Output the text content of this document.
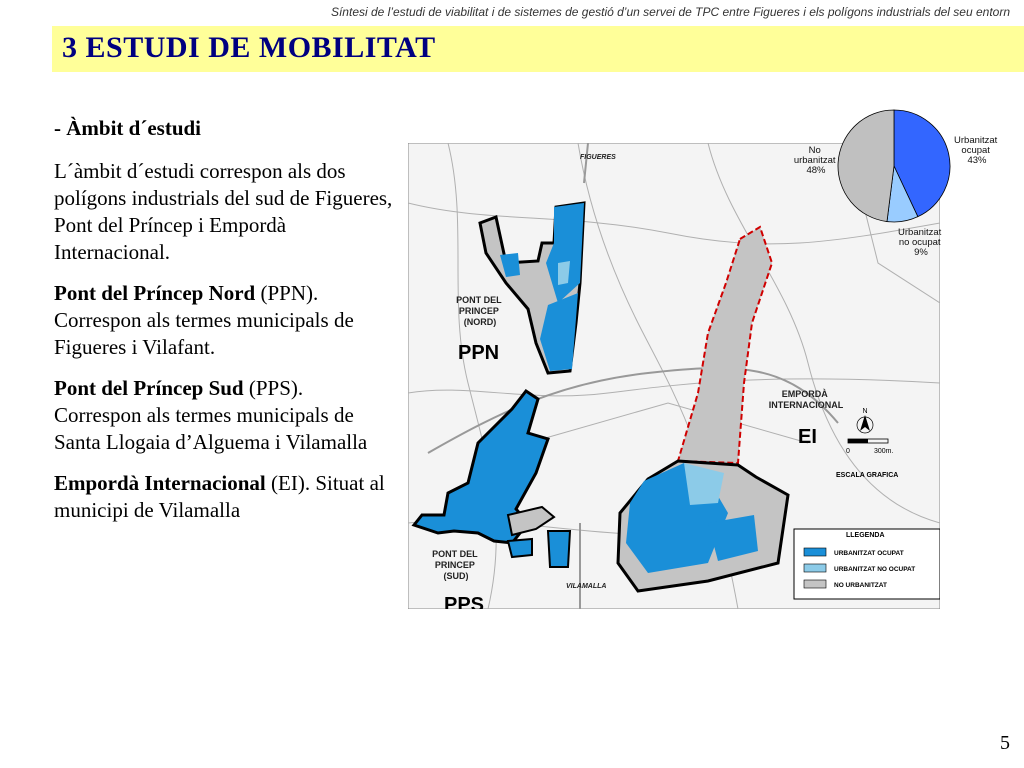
Síntesi de l’estudi de viabilitat i de sistemes de gestió d’un servei de TPC entre Figueres i els polígons industrials del seu entorn
3 ESTUDI DE MOBILITAT

- Àmbit d´estudi

L´àmbit d´estudi correspon als dos polígons industrials del sud de Figueres, Pont del Príncep i Empordà Internacional.

Pont del Príncep Nord (PPN). Correspon als termes municipals de Figueres i Vilafant.

Pont del Príncep Sud (PPS). Correspon als termes municipals de Santa Llogaia d’Alguema i Vilamalla

Empordà Internacional (EI). Situat al municipi de Vilamalla

FIGUERES
VILAMALLA
PONT DEL PRINCEP (NORD)
PPN
PONT DEL PRINCEP (SUD)
PPS
EMPORDÀ INTERNACIONAL
EI
N
0	300m.
ESCALA GRAFICA
LLEGENDA
URBANITZAT OCUPAT
URBANITZAT NO OCUPAT
NO URBANITZAT
Urbanitzat ocupat 43%
Urbanitzat no ocupat 9%
No urbanitzat 48%
5
